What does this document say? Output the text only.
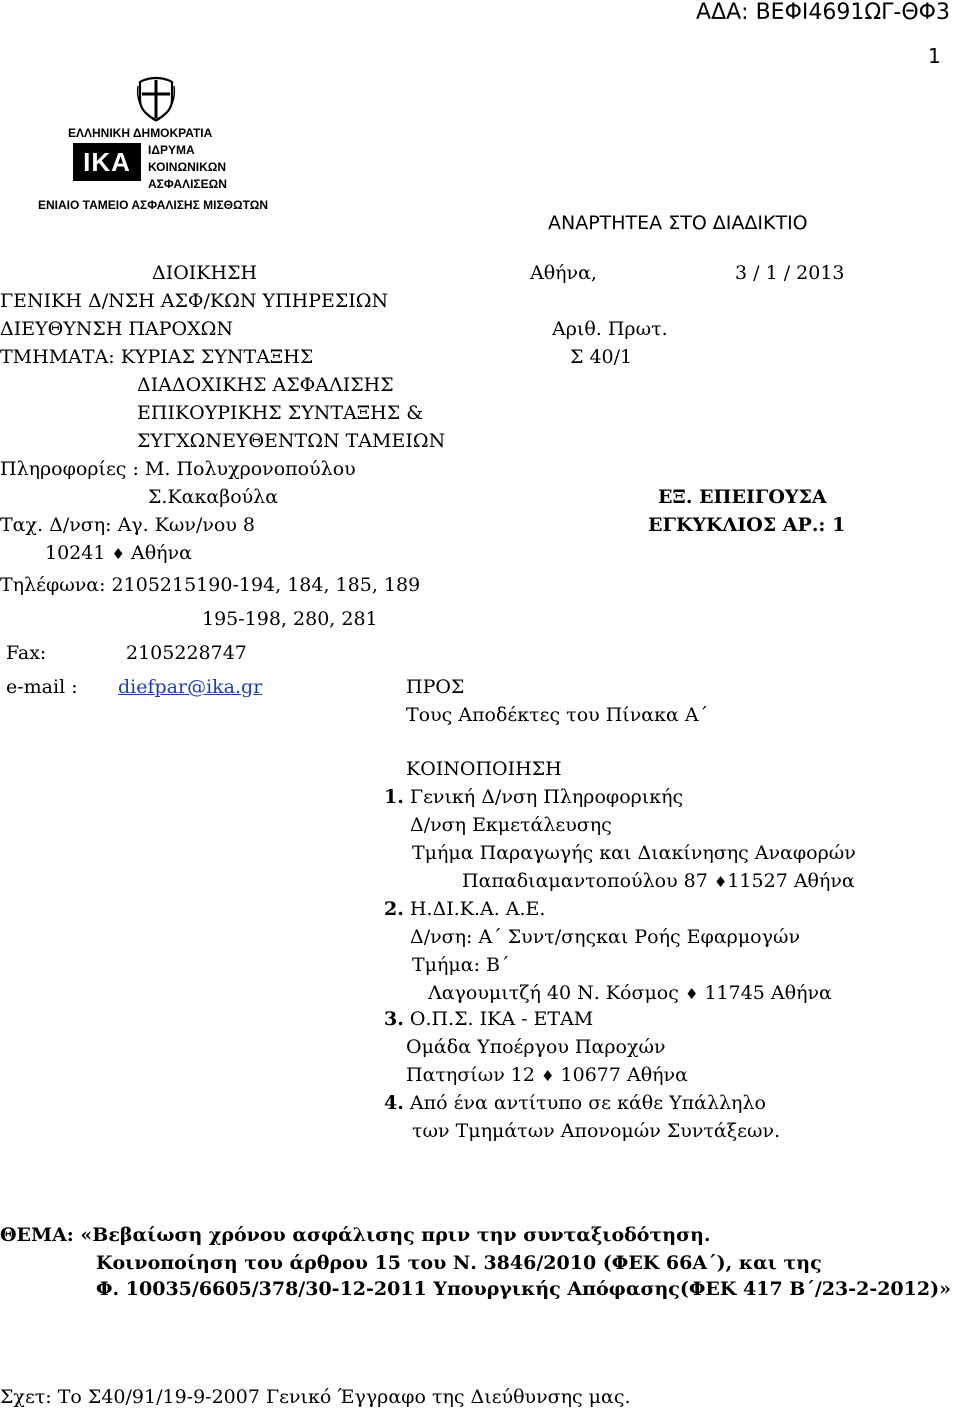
ΑΔΑ: ΒΕΦΙ4691ΩΓ-ΘΦ3
1
ΕΛΛΗΝΙΚΗ ΔΗΜΟΚΡΑΤΙΑ
ΙΚΑ	ΙΔΡΥΜΑ
ΚΟΙΝΩΝΙΚΩΝ
ΑΣΦΑΛΙΣΕΩΝ
ΕΝΙΑΙΟ ΤΑΜΕΙΟ ΑΣΦΑΛΙΣΗΣ ΜΙΣΘΩΤΩΝ
ΑΝΑΡΤΗΤΕΑ ΣΤΟ ΔΙΑΔΙΚΤΙΟ
ΔΙΟΙΚΗΣΗ
ΓΕΝΙΚΗ Δ/ΝΣΗ ΑΣΦ/ΚΩΝ ΥΠΗΡΕΣΙΩΝ
ΔΙΕΥΘΥΝΣΗ ΠΑΡΟΧΩΝ
ΤΜΗΜΑΤΑ: ΚΥΡΙΑΣ ΣΥΝΤΑΞΗΣ
ΔΙΑΔΟΧΙΚΗΣ ΑΣΦΑΛΙΣΗΣ
ΕΠΙΚΟΥΡΙΚΗΣ ΣΥΝΤΑΞΗΣ &
ΣΥΓΧΩΝΕΥΘΕΝΤΩΝ ΤΑΜΕΙΩΝ
Πληροφορίες : Μ. Πολυχρονοπούλου
Σ.Κακαβούλα
Ταχ. Δ/νση: Αγ. Κων/νου 8
10241 ♦ Αθήνα
Τηλέφωνα: 2105215190-194, 184, 185, 189
195-198, 280, 281
Fax:	2105228747
e-mail : diefpar@ika.gr
Αθήνα,	3 / 1 / 2013
Αριθ. Πρωτ.
Σ 40/1
ΕΞ. ΕΠΕΙΓΟΥΣΑ
ΕΓΚΥΚΛΙΟΣ ΑΡ.: 1
ΠΡΟΣ
Τους Αποδέκτες του Πίνακα Α΄
ΚΟΙΝΟΠΟΙΗΣΗ
1. Γενική Δ/νση Πληροφορικής
Δ/νση Εκμετάλευσης
Τμήμα Παραγωγής και Διακίνησης Αναφορών
Παπαδιαμαντοπούλου 87 ♦11527 Αθήνα
2. Η.ΔΙ.Κ.Α. Α.Ε.
Δ/νση: Α΄ Συντ/σηςκαι Ροής Εφαρμογών
Τμήμα: Β΄
Λαγουμιτζή 40 Ν. Κόσμος ♦ 11745 Αθήνα
3. Ο.Π.Σ. ΙΚΑ - ΕΤΑΜ
Ομάδα Υποέργου Παροχών
Πατησίων 12 ♦ 10677 Αθήνα
4. Από ένα αντίτυπο σε κάθε Υπάλληλο
των Τμημάτων Απονομών Συντάξεων.
ΘΕΜΑ: «Βεβαίωση χρόνου ασφάλισης πριν την συνταξιοδότηση.
Κοινοποίηση του άρθρου 15 του Ν. 3846/2010 (ΦΕΚ 66Α΄), και της
Φ. 10035/6605/378/30-12-2011 Υπουργικής Απόφασης(ΦΕΚ 417 Β΄/23-2-2012)»
Σχετ: Το Σ40/91/19-9-2007 Γενικό Έγγραφο της Διεύθυνσης μας.
